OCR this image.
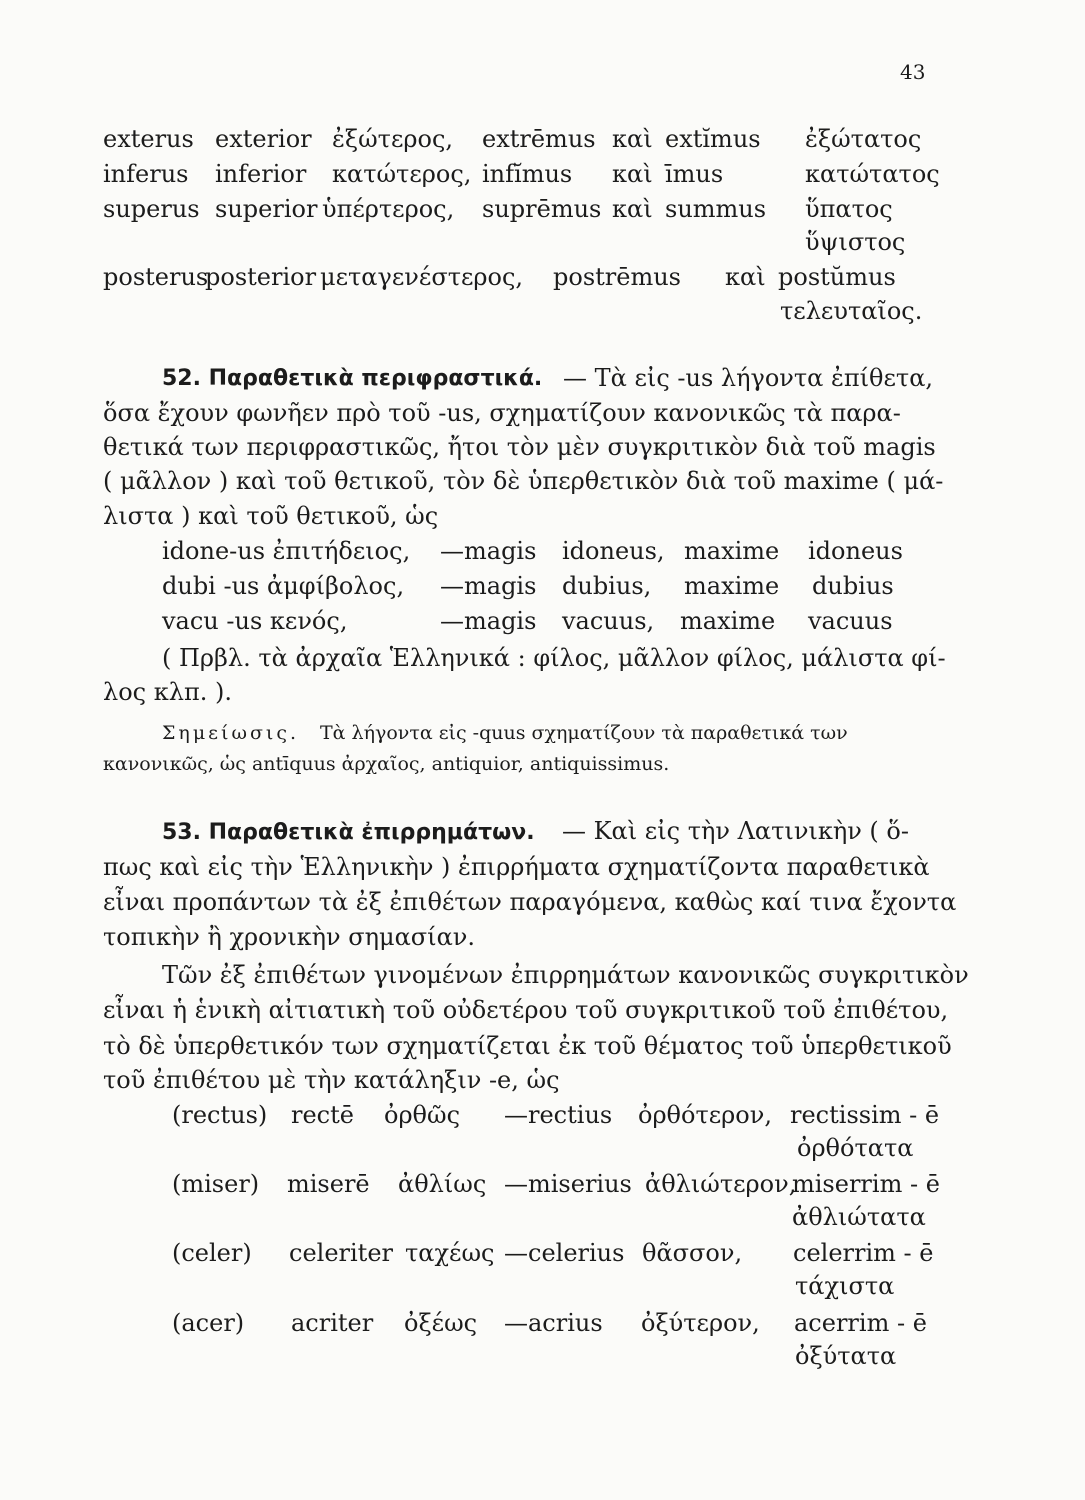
43
exterus exterior ἐξώτερος, extrēmus καὶ extĭmus ἐξώτατος
inferus inferior κατώτερος, infĭmus καὶ īmus	κατώτατος
superus superior ὑπέρτερος, suprēmus καὶ summus ὕπατος
ὕψιστος
posterus
posterior μεταγενέστερος, postrēmus καὶ postŭmus
τελευταῖος.
52. Παραθετικὰ περιφραστικά. — Τὰ εἰς -us λήγοντα ἐπίθετα,
ὅσα ἔχουν φωνῆεν πρὸ τοῦ -us, σχηματίζουν κανονικῶς τὰ παρα-
θετικά των περιφραστικῶς, ἤτοι τὸν μὲν συγκριτικὸν διὰ τοῦ magis
( μᾶλλον ) καὶ τοῦ θετικοῦ, τὸν δὲ ὑπερθετικὸν διὰ τοῦ maxime ( μά-
λιστα ) καὶ τοῦ θετικοῦ, ὡς
idone-us ἐπιτήδειος, —magis idoneus, maxime idoneus
dubi -us ἀμφίβολος, —magis dubius, maxime dubius
vacu -us κενός,	—magis vacuus, maxime vacuus
( Πρβλ. τὰ ἀρχαῖα Ἑλληνικά : φίλος, μᾶλλον φίλος, μάλιστα φί-
λος κλπ. ).
Σημείωσις. Τὰ λήγοντα εἰς -quus σχηματίζουν τὰ παραθετικά των
κανονικῶς, ὡς antīquus ἀρχαῖος, antiquior, antiquissimus.
53. Παραθετικὰ ἐπιρρημάτων. — Καὶ εἰς τὴν Λατινικὴν ( ὅ-
πως καὶ εἰς τὴν Ἑλληνικὴν ) ἐπιρρήματα σχηματίζοντα παραθετικὰ
εἶναι προπάντων τὰ ἐξ ἐπιθέτων παραγόμενα, καθὼς καί τινα ἔχοντα
τοπικὴν ἢ χρονικὴν σημασίαν.
Τῶν ἐξ ἐπιθέτων γινομένων ἐπιρρημάτων κανονικῶς συγκριτικὸν
εἶναι ἡ ἑνικὴ αἰτιατικὴ τοῦ οὐδετέρου τοῦ συγκριτικοῦ τοῦ ἐπιθέτου,
τὸ δὲ ὑπερθετικόν των σχηματίζεται ἐκ τοῦ θέματος τοῦ ὑπερθετικοῦ
τοῦ ἐπιθέτου μὲ τὴν κατάληξιν -e, ὡς
(rectus) rectē ὀρθῶς —rectius ὀρθότερον, rectissim - ē
ὀρθότατα
(miser) miserē ἀθλίως —miserius ἀθλιώτερον,
miserrim - ē
ἀθλιώτατα
(celer) celeriter ταχέως —celerius θᾶσσον, celerrim - ē
τάχιστα
(acer) acriter ὀξέως —acrius ὀξύτερον, acerrim - ē
ὀξύτατα
